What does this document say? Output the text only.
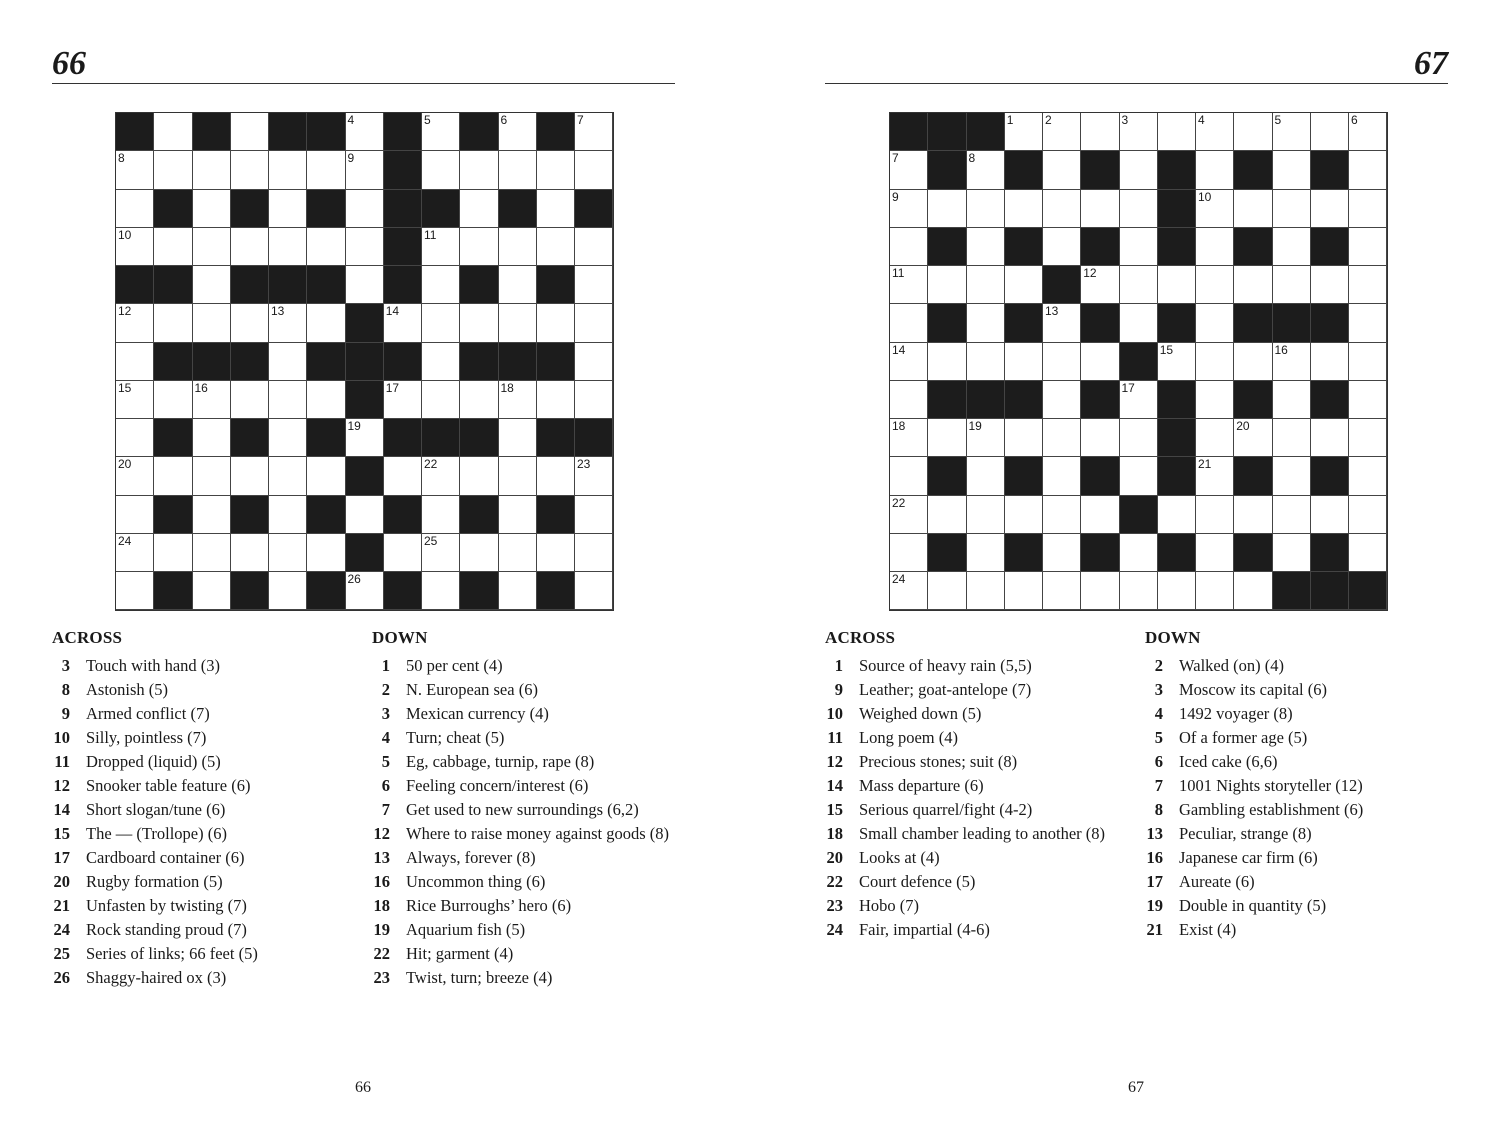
66
4	5	6	7
8	9
10	11
12	13	14
15	16	17	18
19
20	22	23
24	25
26
ACROSS
3 Touch with hand (3)
8 Astonish (5)
9 Armed conflict (7)
10 Silly, pointless (7)
11 Dropped (liquid) (5)
12 Snooker table feature (6)
14 Short slogan/tune (6)
15 The — (Trollope) (6)
17 Cardboard container (6)
20 Rugby formation (5)
21 Unfasten by twisting (7)
24 Rock standing proud (7)
25 Series of links; 66 feet (5)
26 Shaggy-haired ox (3)
DOWN
1 50 per cent (4)
2 N. European sea (6)
3 Mexican currency (4)
4 Turn; cheat (5)
5 Eg, cabbage, turnip, rape (8)
6 Feeling concern/interest (6)
7 Get used to new surroundings (6,2)
12 Where to raise money against goods (8)
13 Always, forever (8)
16 Uncommon thing (6)
18 Rice Burroughs’ hero (6)
19 Aquarium fish (5)
22 Hit; garment (4)
23 Twist, turn; breeze (4)
66
67
1	2	3	4	5	6
7	8
9	10
11	12
13
14	15	16
17
18	19	20
21
22
24
ACROSS
1 Source of heavy rain (5,5)
9 Leather; goat-antelope (7)
10 Weighed down (5)
11 Long poem (4)
12 Precious stones; suit (8)
14 Mass departure (6)
15 Serious quarrel/fight (4-2)
18 Small chamber leading to another (8)
20 Looks at (4)
22 Court defence (5)
23 Hobo (7)
24 Fair, impartial (4-6)
DOWN
2 Walked (on) (4)
3 Moscow its capital (6)
4 1492 voyager (8)
5 Of a former age (5)
6 Iced cake (6,6)
7 1001 Nights storyteller (12)
8 Gambling establishment (6)
13 Peculiar, strange (8)
16 Japanese car firm (6)
17 Aureate (6)
19 Double in quantity (5)
21 Exist (4)
67
